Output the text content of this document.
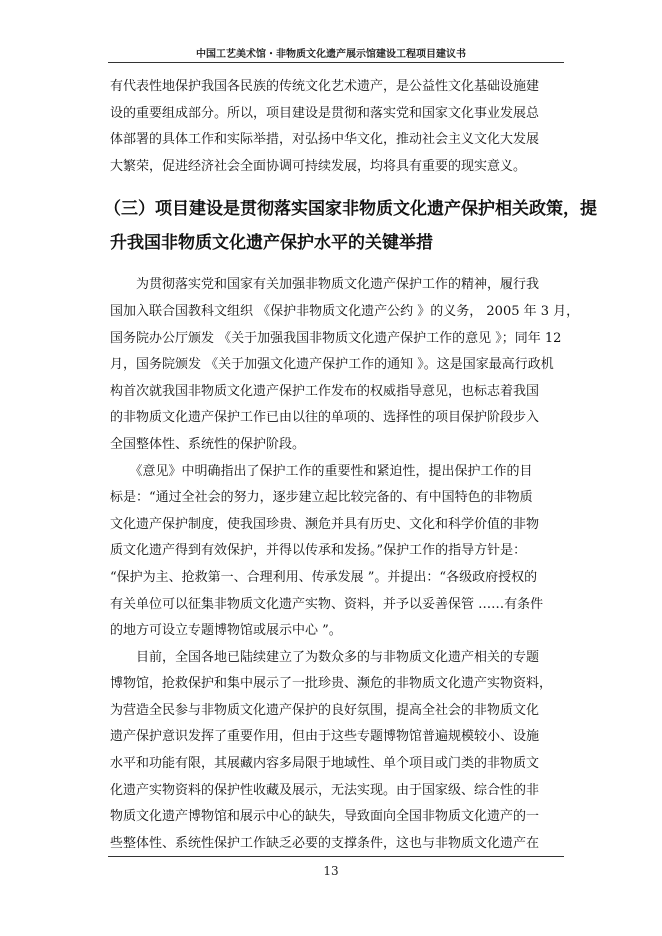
中国工艺美术馆・非物质文化遗产展示馆建设工程项目建议书
有代表性地保护我国各民族的传统文化艺术遗产，是公益性文化基础设施建
设的重要组成部分。所以，项目建设是贯彻和落实党和国家文化事业发展总
体部署的具体工作和实际举措，对弘扬中华文化，推动社会主义文化大发展
大繁荣，促进经济社会全面协调可持续发展，均将具有重要的现实意义。
（三）项目建设是贯彻落实国家非物质文化遗产保护相关政策，提
升我国非物质文化遗产保护水平的关键举措
　　为贯彻落实党和国家有关加强非物质文化遗产保护工作的精神，履行我
国加入联合国教科文组织 《保护非物质文化遗产公约 》的义务， 2005 年 3 月，
国务院办公厅颁发 《关于加强我国非物质文化遗产保护工作的意见 》；同年 12
月，国务院颁发 《关于加强文化遗产保护工作的通知 》。这是国家最高行政机
构首次就我国非物质文化遗产保护工作发布的权威指导意见，也标志着我国
的非物质文化遗产保护工作已由以往的单项的、选择性的项目保护阶段步入
全国整体性、系统性的保护阶段。
　　《意见》中明确指出了保护工作的重要性和紧迫性，提出保护工作的目
标是：“通过全社会的努力，逐步建立起比较完备的、有中国特色的非物质
文化遗产保护制度，使我国珍贵、濒危并具有历史、文化和科学价值的非物
质文化遗产得到有效保护，并得以传承和发扬。”保护工作的指导方针是：
“保护为主、抢救第一、合理利用、传承发展 ”。并提出：“各级政府授权的
有关单位可以征集非物质文化遗产实物、资料，并予以妥善保管 ……有条件
的地方可设立专题博物馆或展示中心 ”。
　　目前，全国各地已陆续建立了为数众多的与非物质文化遗产相关的专题
博物馆，抢救保护和集中展示了一批珍贵、濒危的非物质文化遗产实物资料，
为营造全民参与非物质文化遗产保护的良好氛围，提高全社会的非物质文化
遗产保护意识发挥了重要作用，但由于这些专题博物馆普遍规模较小、设施
水平和功能有限，其展藏内容多局限于地域性、单个项目或门类的非物质文
化遗产实物资料的保护性收藏及展示，无法实现。由于国家级、综合性的非
物质文化遗产博物馆和展示中心的缺失，导致面向全国非物质文化遗产的一
些整体性、系统性保护工作缺乏必要的支撑条件，这也与非物质文化遗产在
13
